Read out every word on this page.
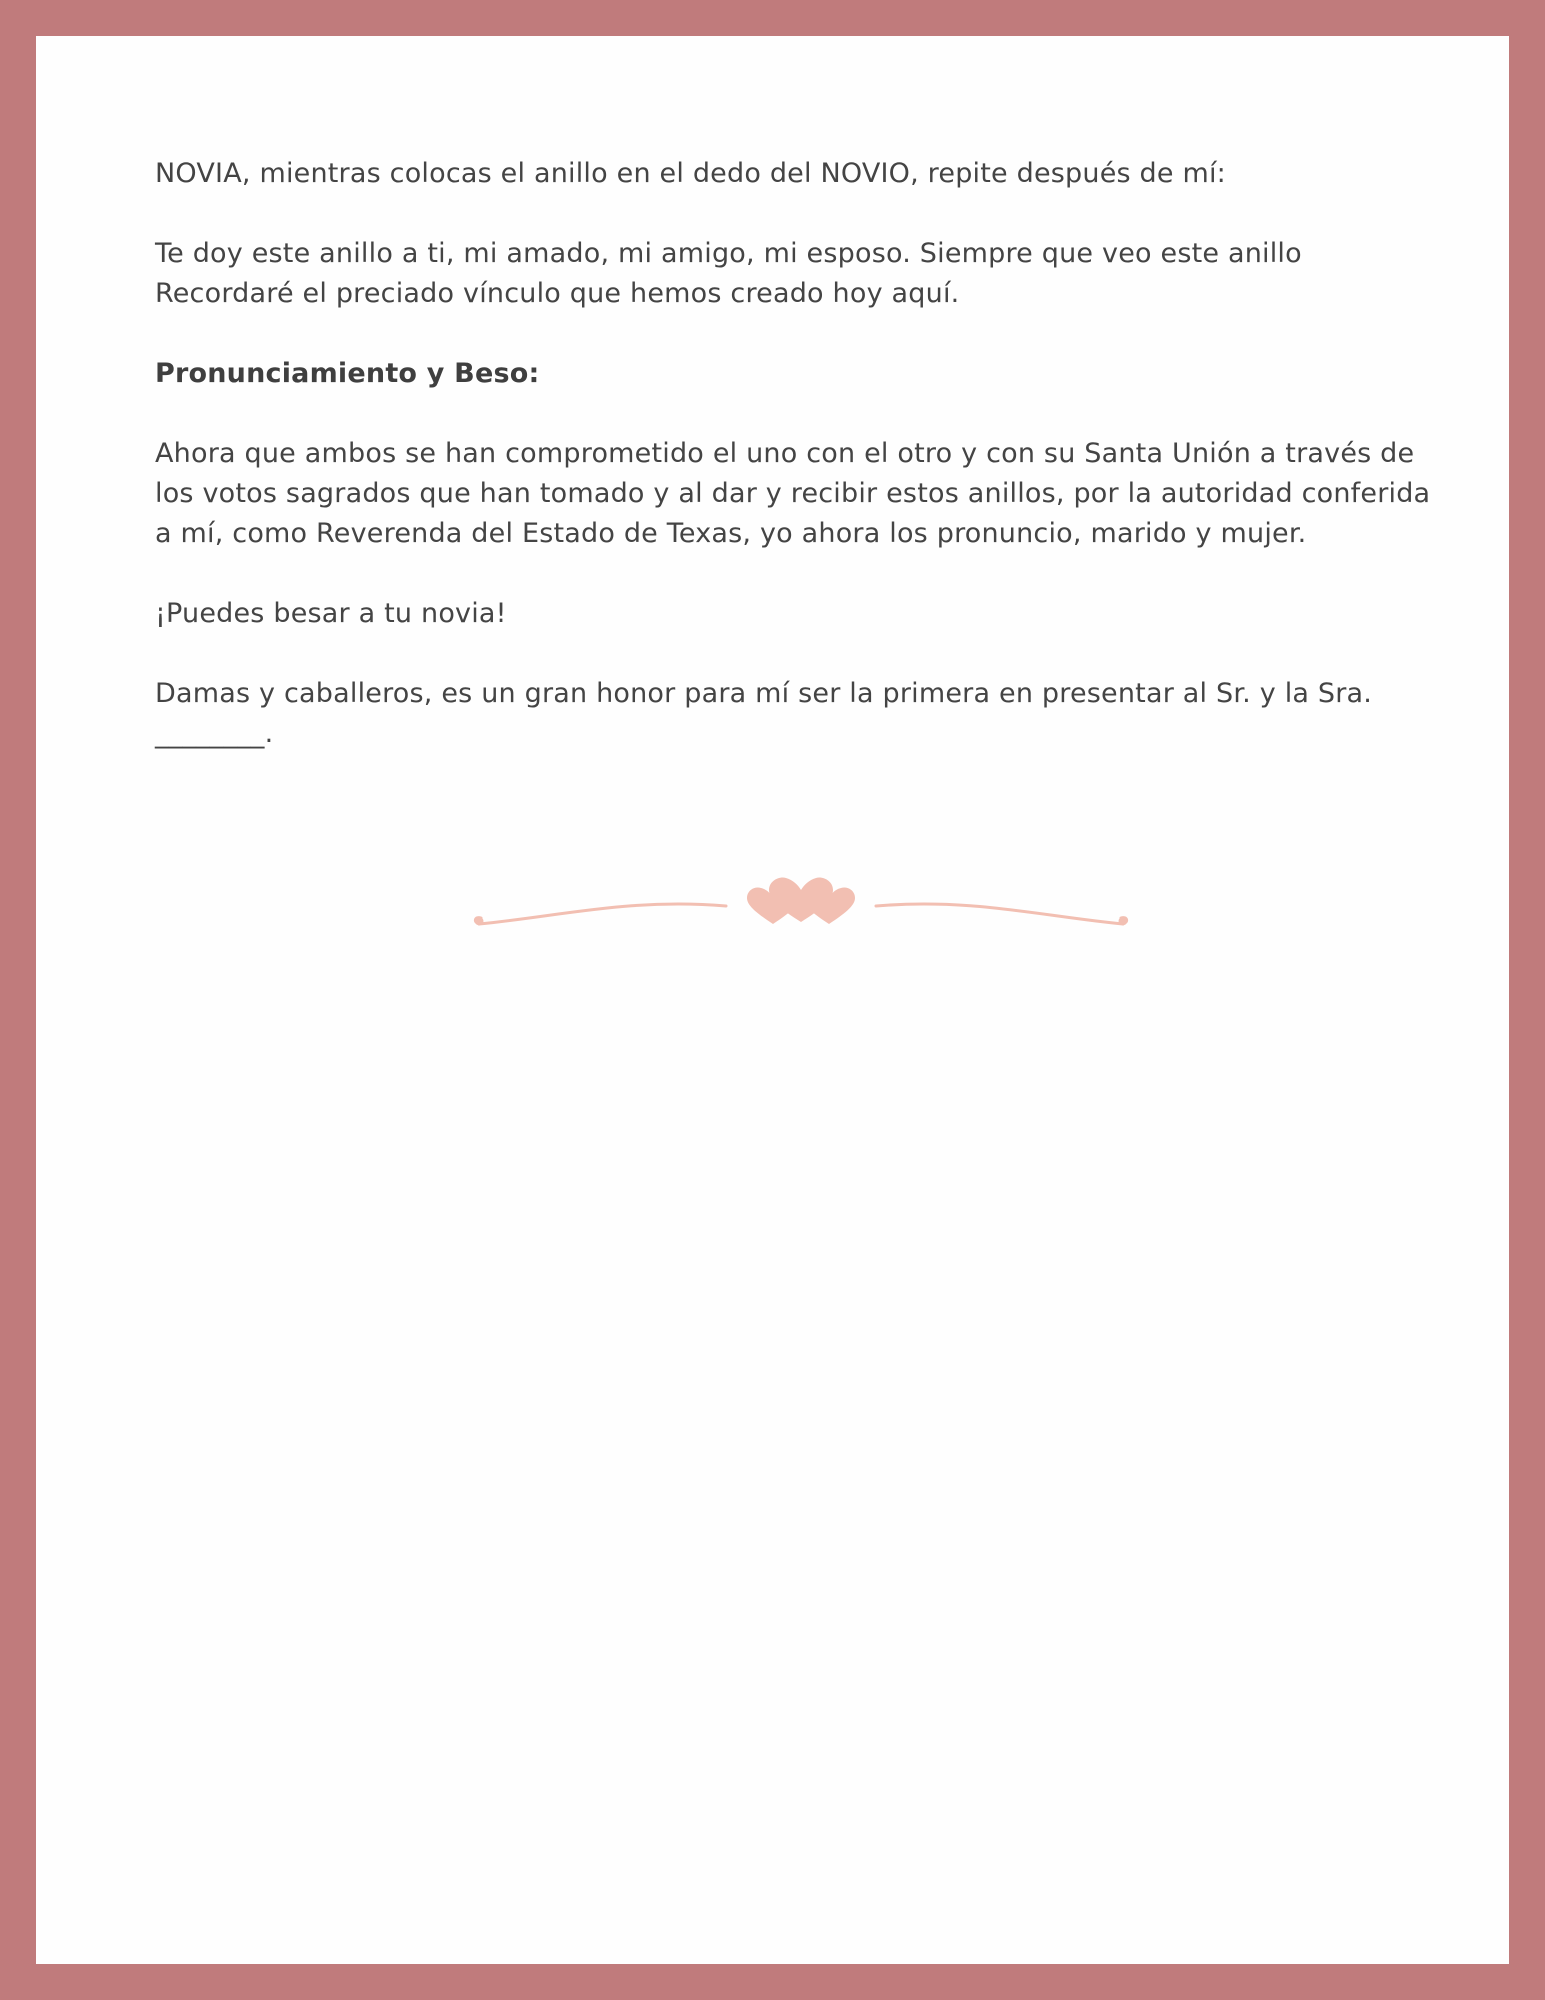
NOVIA, mientras colocas el anillo en el dedo del NOVIO, repite después de mí:

Te doy este anillo a ti, mi amado, mi amigo, mi esposo. Siempre que veo este anillo
Recordaré el preciado vínculo que hemos creado hoy aquí.

Pronunciamiento y Beso:

Ahora que ambos se han comprometido el uno con el otro y con su Santa Unión a través de los votos sagrados que han tomado y al dar y recibir estos anillos, por la autoridad conferida a mí, como Reverenda del Estado de Texas, yo ahora los pronuncio, marido y mujer.

¡Puedes besar a tu novia!

Damas y caballeros, es un gran honor para mí ser la primera en presentar al Sr. y la Sra.
________.
